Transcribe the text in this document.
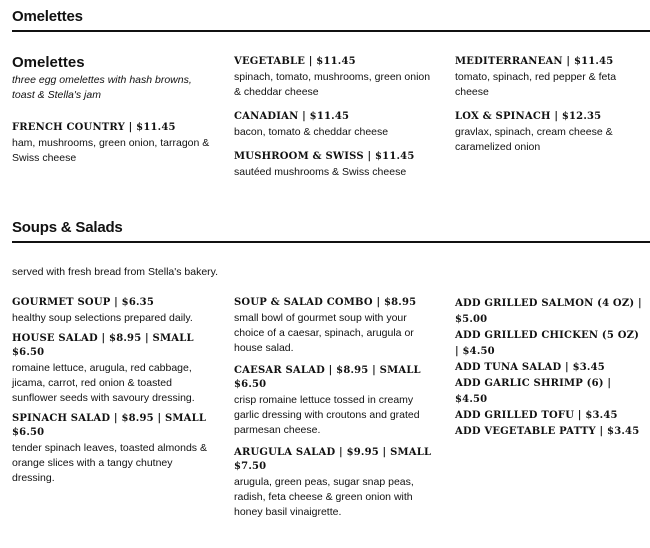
Omelettes
Omelettes

three egg omelettes with hash browns, toast & Stella's jam

FRENCH COUNTRY | $11.45

ham, mushrooms, green onion, tarragon & Swiss cheese

VEGETABLE | $11.45

spinach, tomato, mushrooms, green onion & cheddar cheese

CANADIAN | $11.45

bacon, tomato & cheddar cheese

MUSHROOM & SWISS | $11.45

sautéed mushrooms & Swiss cheese

MEDITERRANEAN | $11.45

tomato, spinach, red pepper & feta cheese

LOX & SPINACH | $12.35

gravlax, spinach, cream cheese & caramelized onion

Soups & Salads
served with fresh bread from Stella's bakery.

GOURMET SOUP | $6.35

healthy soup selections prepared daily.

HOUSE SALAD | $8.95 | SMALL $6.50

romaine lettuce, arugula, red cabbage, jicama, carrot, red onion & toasted sunflower seeds with savoury dressing.

SPINACH SALAD | $8.95 | SMALL $6.50

tender spinach leaves, toasted almonds & orange slices with a tangy chutney dressing.

SOUP & SALAD COMBO | $8.95

small bowl of gourmet soup with your choice of a caesar, spinach, arugula or house salad.

CAESAR SALAD | $8.95 | SMALL $6.50

crisp romaine lettuce tossed in creamy garlic dressing with croutons and grated parmesan cheese.

ARUGULA SALAD | $9.95 | SMALL $7.50

arugula, green peas, sugar snap peas, radish, feta cheese & green onion with honey basil vinaigrette.

ADD GRILLED SALMON (4 OZ) | $5.00

ADD GRILLED CHICKEN (5 OZ) | $4.50

ADD TUNA SALAD | $3.45

ADD GARLIC SHRIMP (6) | $4.50

ADD GRILLED TOFU | $3.45

ADD VEGETABLE PATTY | $3.45
